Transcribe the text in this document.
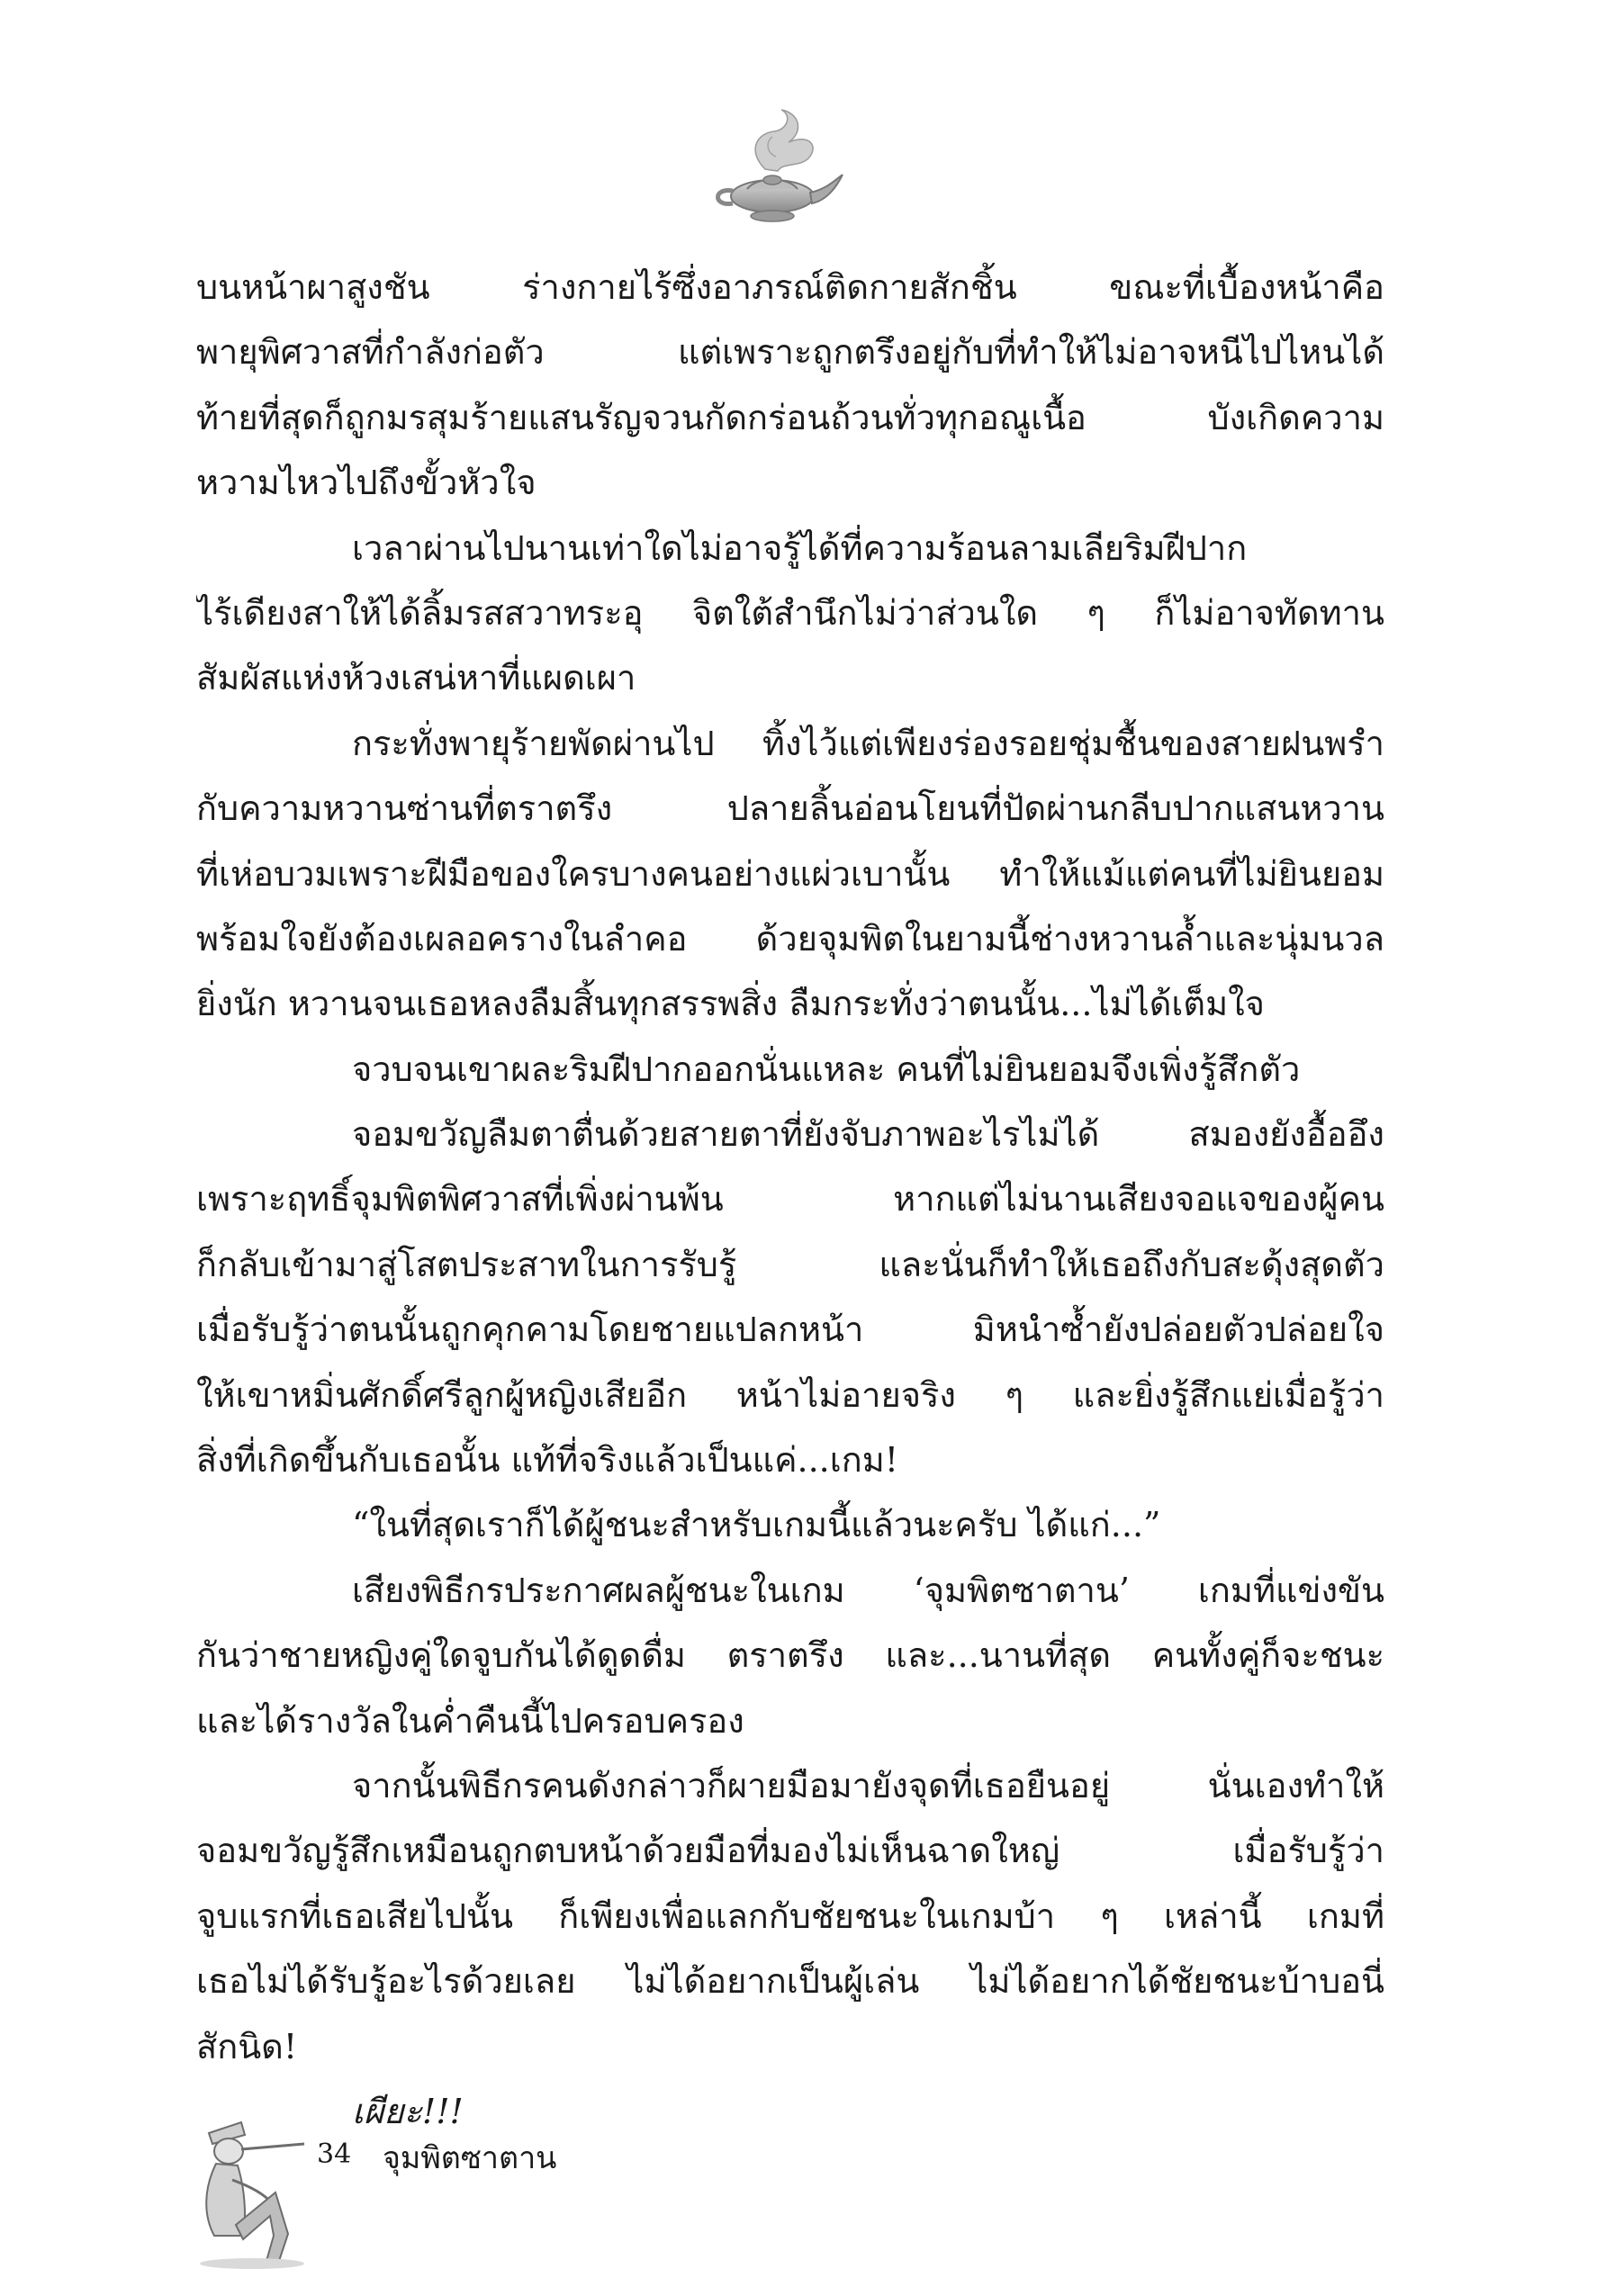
บนหน้าผาสูงชัน ร่างกายไร้ซึ่งอาภรณ์ติดกายสักชิ้น ขณะที่เบื้องหน้าคือ
พายุพิศวาสที่กำลังก่อตัว แต่เพราะถูกตรึงอยู่กับที่ทำให้ไม่อาจหนีไปไหนได้
ท้ายที่สุดก็ถูกมรสุมร้ายแสนรัญจวนกัดกร่อนถ้วนทั่วทุกอณูเนื้อ บังเกิดความ
หวามไหวไปถึงขั้วหัวใจ
เวลาผ่านไปนานเท่าใดไม่อาจรู้ได้ที่ความร้อนลามเลียริมฝีปาก
ไร้เดียงสาให้ได้ลิ้มรสสวาทระอุ จิตใต้สำนึกไม่ว่าส่วนใด ๆ ก็ไม่อาจทัดทาน
สัมผัสแห่งห้วงเสน่หาที่แผดเผา
กระทั่งพายุร้ายพัดผ่านไป ทิ้งไว้แต่เพียงร่องรอยชุ่มชื้นของสายฝนพรำ
กับความหวานซ่านที่ตราตรึง ปลายลิ้นอ่อนโยนที่ปัดผ่านกลีบปากแสนหวาน
ที่เห่อบวมเพราะฝีมือของใครบางคนอย่างแผ่วเบานั้น ทำให้แม้แต่คนที่ไม่ยินยอม
พร้อมใจยังต้องเผลอครางในลำคอ ด้วยจุมพิตในยามนี้ช่างหวานล้ำและนุ่มนวล
ยิ่งนัก หวานจนเธอหลงลืมสิ้นทุกสรรพสิ่ง ลืมกระทั่งว่าตนนั้น...ไม่ได้เต็มใจ
จวบจนเขาผละริมฝีปากออกนั่นแหละ คนที่ไม่ยินยอมจึงเพิ่งรู้สึกตัว
จอมขวัญลืมตาตื่นด้วยสายตาที่ยังจับภาพอะไรไม่ได้ สมองยังอื้ออึง
เพราะฤทธิ์จุมพิตพิศวาสที่เพิ่งผ่านพ้น หากแต่ไม่นานเสียงจอแจของผู้คน
ก็กลับเข้ามาสู่โสตประสาทในการรับรู้ และนั่นก็ทำให้เธอถึงกับสะดุ้งสุดตัว
เมื่อรับรู้ว่าตนนั้นถูกคุกคามโดยชายแปลกหน้า มิหนำซ้ำยังปล่อยตัวปล่อยใจ
ให้เขาหมิ่นศักดิ์ศรีลูกผู้หญิงเสียอีก หน้าไม่อายจริง ๆ และยิ่งรู้สึกแย่เมื่อรู้ว่า
สิ่งที่เกิดขึ้นกับเธอนั้น แท้ที่จริงแล้วเป็นแค่...เกม!
“ในที่สุดเราก็ได้ผู้ชนะสำหรับเกมนี้แล้วนะครับ ได้แก่...”
เสียงพิธีกรประกาศผลผู้ชนะในเกม ‘จุมพิตซาตาน’ เกมที่แข่งขัน
กันว่าชายหญิงคู่ใดจูบกันได้ดูดดื่ม ตราตรึง และ...นานที่สุด คนทั้งคู่ก็จะชนะ
และได้รางวัลในค่ำคืนนี้ไปครอบครอง
จากนั้นพิธีกรคนดังกล่าวก็ผายมือมายังจุดที่เธอยืนอยู่ นั่นเองทำให้
จอมขวัญรู้สึกเหมือนถูกตบหน้าด้วยมือที่มองไม่เห็นฉาดใหญ่ เมื่อรับรู้ว่า
จูบแรกที่เธอเสียไปนั้น ก็เพียงเพื่อแลกกับชัยชนะในเกมบ้า ๆ เหล่านี้ เกมที่
เธอไม่ได้รับรู้อะไรด้วยเลย ไม่ได้อยากเป็นผู้เล่น ไม่ได้อยากได้ชัยชนะบ้าบอนี่
สักนิด!
เผียะ!!!
34 จุมพิตซาตาน
